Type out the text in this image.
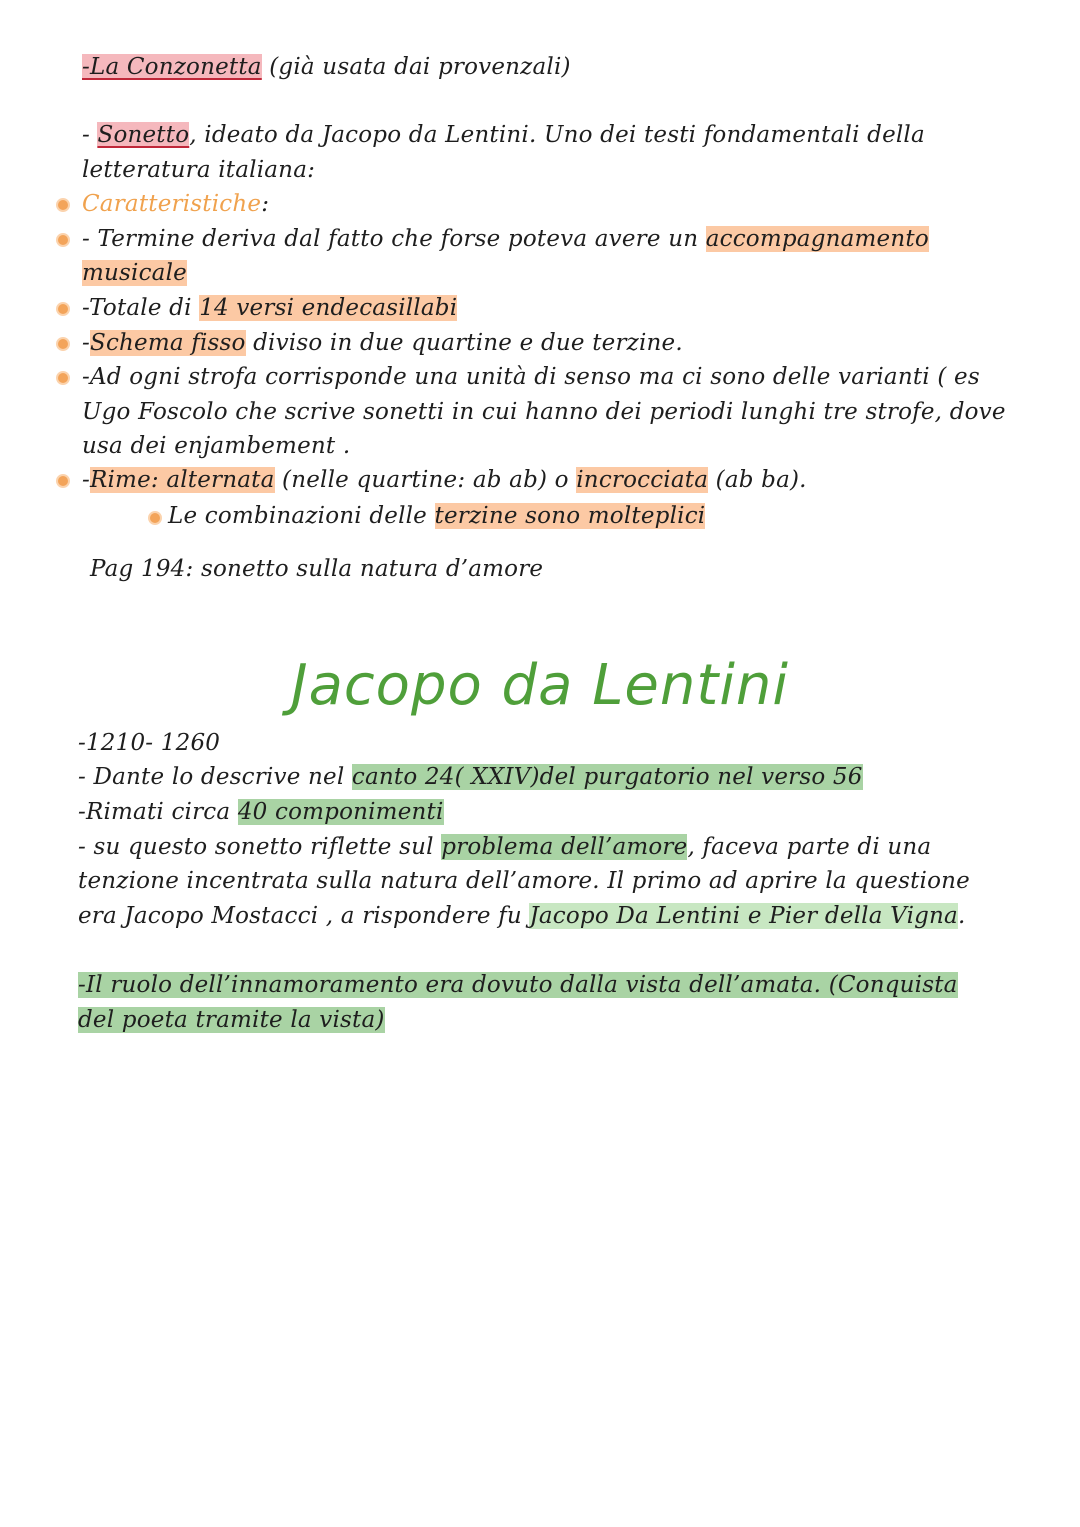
-La Conzonetta (già usata dai provenzali)
- Sonetto, ideato da Jacopo da Lentini. Uno dei testi fondamentali della
letteratura italiana:
Caratteristiche:
- Termine deriva dal fatto che forse poteva avere un accompagnamento
musicale
-Totale di 14 versi endecasillabi
-Schema fisso diviso in due quartine e due terzine.
-Ad ogni strofa corrisponde una unità di senso ma ci sono delle varianti ( es
Ugo Foscolo che scrive sonetti in cui hanno dei periodi lunghi tre strofe, dove
usa dei enjambement .
-Rime: alternata (nelle quartine: ab ab) o incrocciata (ab ba).
Le combinazioni delle terzine sono molteplici
Pag 194: sonetto sulla natura d’amore
Jacopo da Lentini
-1210- 1260
- Dante lo descrive nel canto 24( XXIV)del purgatorio nel verso 56
-Rimati circa 40 componimenti
- su questo sonetto riflette sul problema dell’amore, faceva parte di una
tenzione incentrata sulla natura dell’amore. Il primo ad aprire la questione
era Jacopo Mostacci , a rispondere fu Jacopo Da Lentini e Pier della Vigna.
-Il ruolo dell’innamoramento era dovuto dalla vista dell’amata. (Conquista
del poeta tramite la vista)
